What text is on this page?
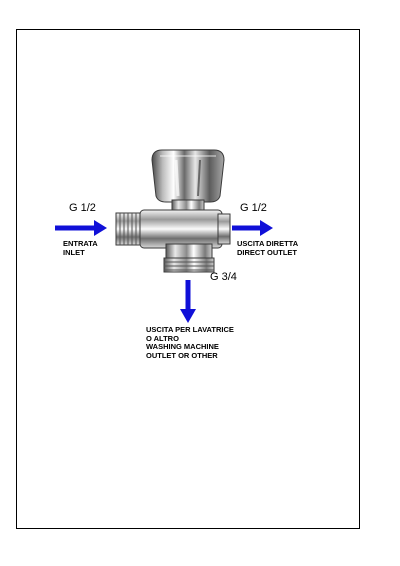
G 1/2

ENTRATA
INLET

G 1/2

USCITA DIRETTA
DIRECT OUTLET

G 3/4

USCITA PER LAVATRICE
O ALTRO
WASHING MACHINE
OUTLET OR OTHER
